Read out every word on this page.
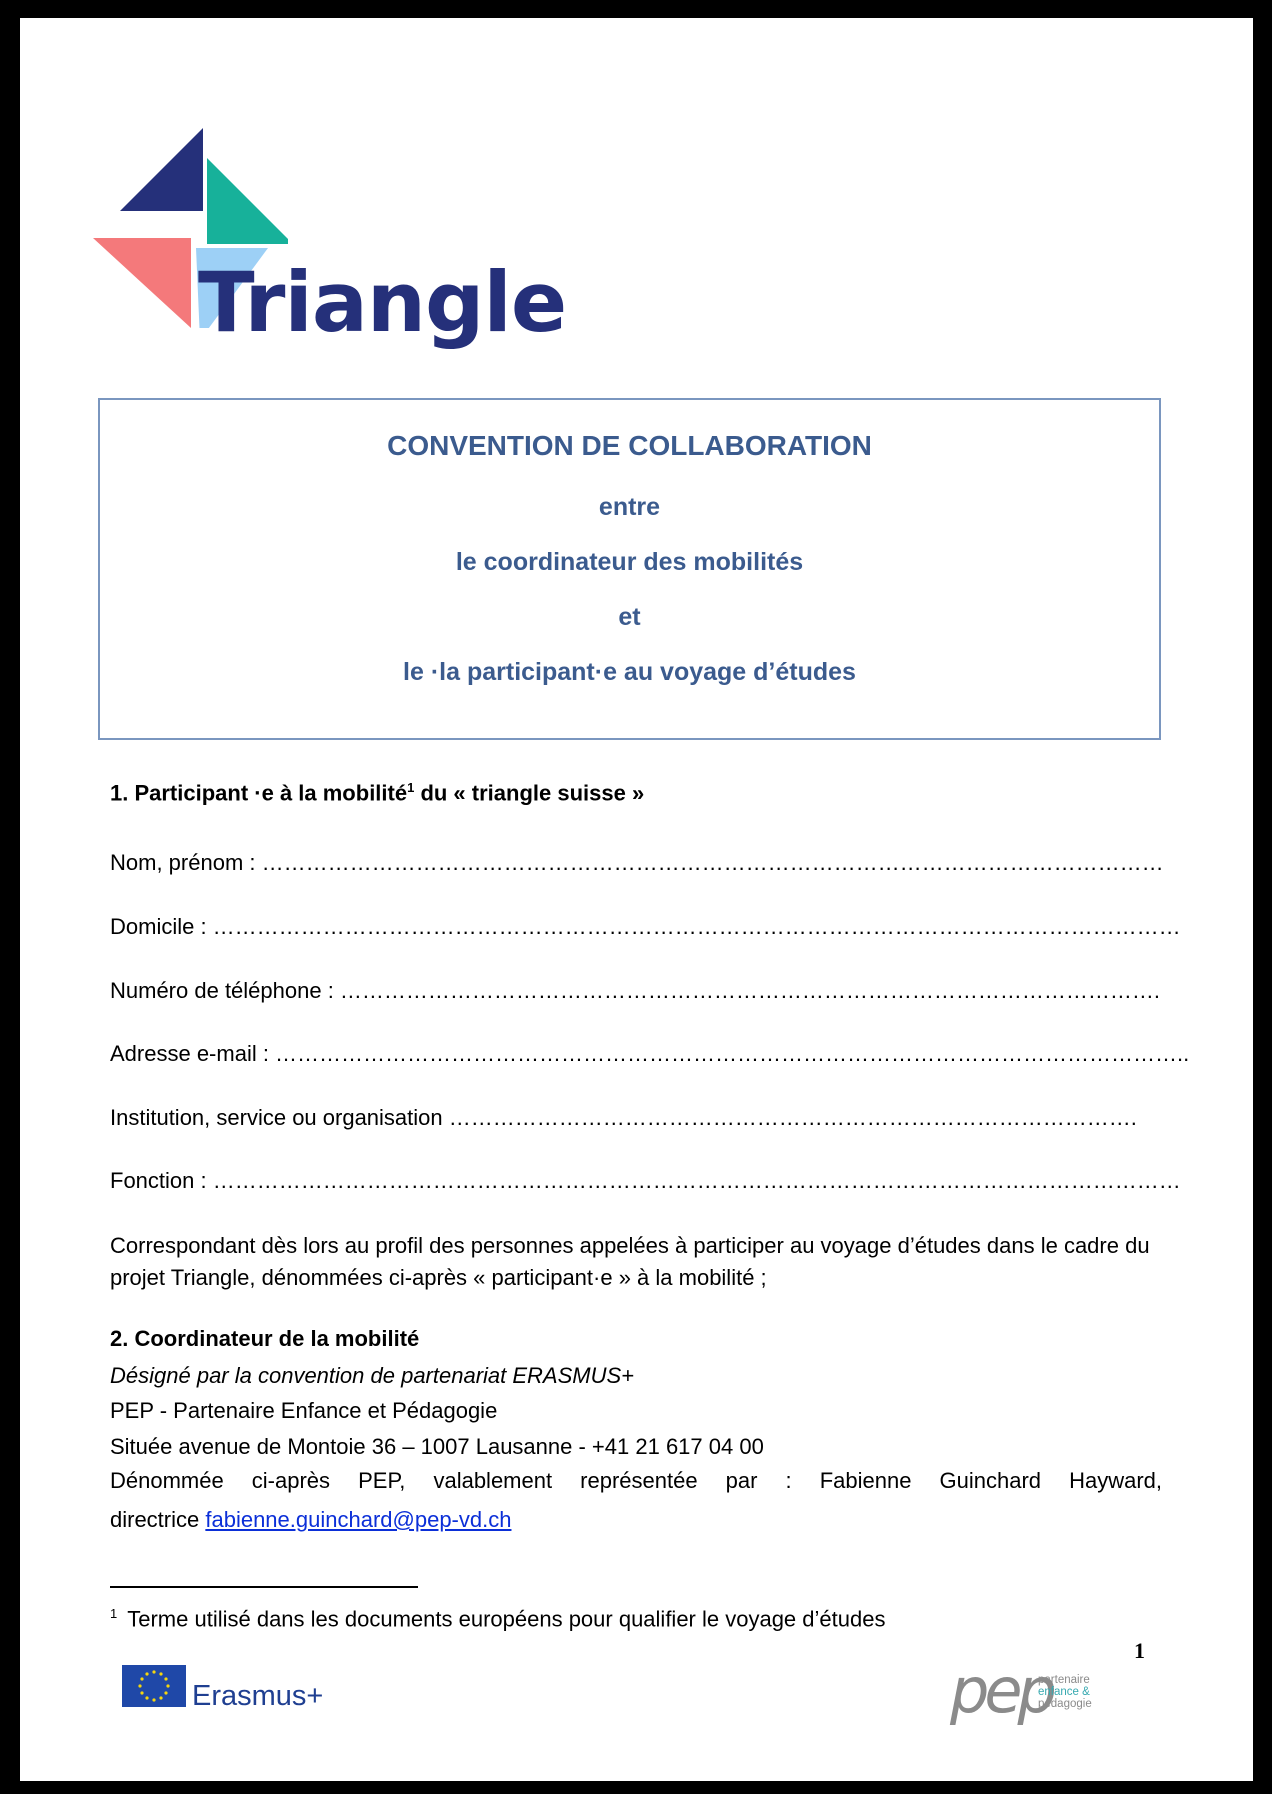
Triangle
CONVENTION DE COLLABORATION
entre
le coordinateur des mobilités
et
le ·la participant·e au voyage d’études
1. Participant ·e à la mobilité$^1$ du « triangle suisse »
Nom, prénom : ……………………………………………………………………………………………………………
Domicile : ……………………………………………………………………………………………………………………
Numéro de téléphone : ………………………………………………………………………………………………….
Adresse e-mail : ……………………………………………………………………………………………………………..
Institution, service ou organisation ………………………………………………………………………………….
Fonction : ……………………………………………………………………………………………………………………
Correspondant dès lors au profil des personnes appelées à participer au voyage d’études dans le cadre du projet Triangle, dénommées ci-après « participant·e » à la mobilité ;
2. Coordinateur de la mobilité
Désigné par la convention de partenariat ERASMUS+
PEP - Partenaire Enfance et Pédagogie
Située avenue de Montoie 36 – 1007 Lausanne - +41 21 617 04 00
Dénommée ci-après PEP, valablement représentée par : Fabienne Guinchard Hayward,
directrice fabienne.guinchard@pep-vd.ch
$^1$ Terme utilisé dans les documents européens pour qualifier le voyage d’études
1
Erasmus+	pep
partenaire
enfance &
pédagogie
